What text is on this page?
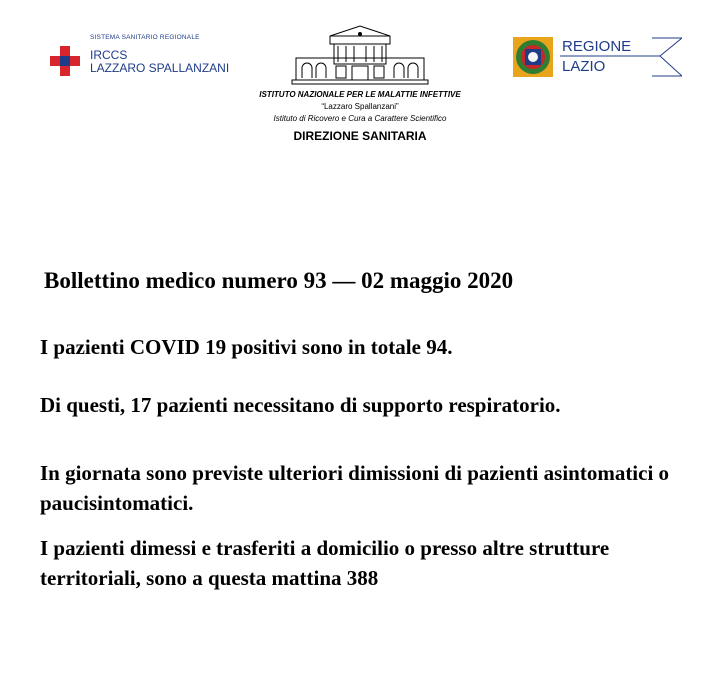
SISTEMA SANITARIO REGIONALE
IRCCS
LAZZARO SPALLANZANI
ISTITUTO NAZIONALE PER LE MALATTIE INFETTIVE
“Lazzaro Spallanzani”
Istituto di Ricovero e Cura a Carattere Scientifico
DIREZIONE SANITARIA
REGIONE
LAZIO
Bollettino medico numero 93 — 02 maggio 2020
I pazienti COVID 19 positivi sono in totale 94.
Di questi, 17 pazienti necessitano di supporto respiratorio.
In giornata sono previste ulteriori dimissioni di pazienti asintomatici o paucisintomatici.
I pazienti dimessi e trasferiti a domicilio o presso altre strutture territoriali, sono a questa mattina 388
